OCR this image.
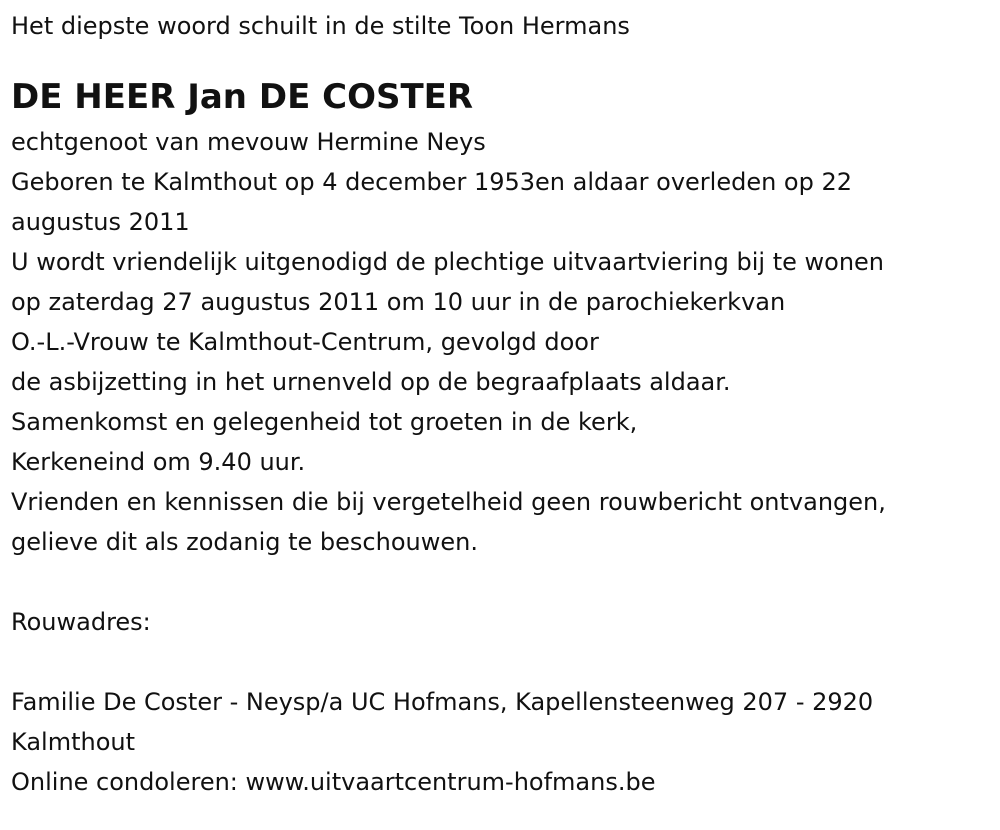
Het diepste woord schuilt in de stilte Toon Hermans
DE HEER Jan DE COSTER
echtgenoot van mevouw Hermine Neys
Geboren te Kalmthout op 4 december 1953en aldaar overleden op 22
augustus 2011
U wordt vriendelijk uitgenodigd de plechtige uitvaartviering bij te wonen
op zaterdag 27 augustus 2011 om 10 uur in de parochiekerkvan
O.-L.-Vrouw te Kalmthout-Centrum, gevolgd door
de asbijzetting in het urnenveld op de begraafplaats aldaar.
Samenkomst en gelegenheid tot groeten in de kerk,
Kerkeneind om 9.40 uur.
Vrienden en kennissen die bij vergetelheid geen rouwbericht ontvangen,
gelieve dit als zodanig te beschouwen.
Rouwadres:
Familie De Coster - Neysp/a UC Hofmans, Kapellensteenweg 207 - 2920
Kalmthout
Online condoleren: www.uitvaartcentrum-hofmans.be
